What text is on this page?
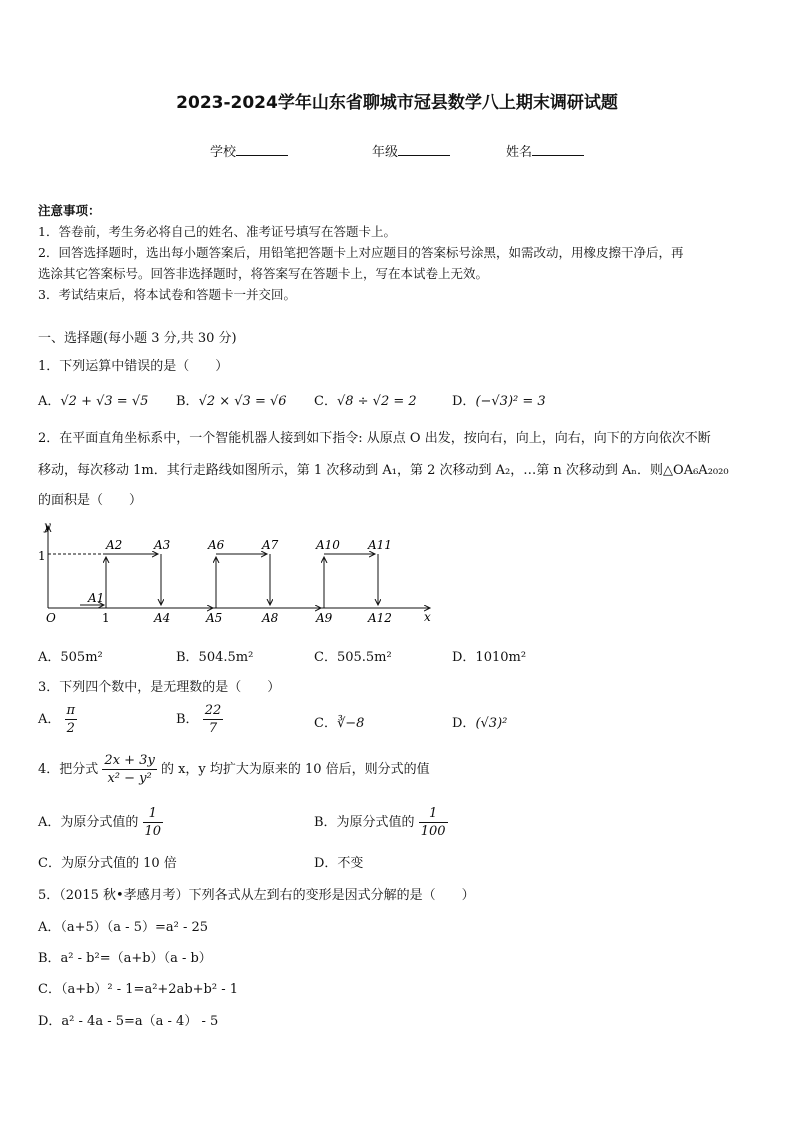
2023-2024学年山东省聊城市冠县数学八上期末调研试题
学校	年级	姓名
注意事项：
1．答卷前，考生务必将自己的姓名、准考证号填写在答题卡上。
2．回答选择题时，选出每小题答案后，用铅笔把答题卡上对应题目的答案标号涂黑，如需改动，用橡皮擦干净后，再
选涂其它答案标号。回答非选择题时，将答案写在答题卡上，写在本试卷上无效。
3．考试结束后，将本试卷和答题卡一并交回。
一、选择题(每小题 3 分,共 30 分)
1．下列运算中错误的是（　　）
A．√2 + √3 = √5 B．√2 × √3 = √6 C．√8 ÷ √2 = 2	D．(−√3)² = 3
2．在平面直角坐标系中，一个智能机器人接到如下指令: 从原点 O 出发，按向右，向上，向右，向下的方向依次不断
移动，每次移动 1m．其行走路线如图所示，第 1 次移动到 A₁，第 2 次移动到 A₂，…第 n 次移动到 Aₙ．则△OA₆A₂₀₂₀
的面积是（　　）
y
x
O
1
1
A1
A2	A3
A4	A5
A6	A7
A8	A9
A10 A11
A12
A．505m²	B．504.5m²	C．505.5m²	D．1010m²
3．下列四个数中，是无理数的是（　　）
A． $\frac{\pi}{2}$	B． $\frac{22}{7}$	C．∛−8	D．(√3)²
4．把分式 $\frac{2x + 3y}{\text{x² − y²}}$ 的 x，y 均扩大为原来的 10 倍后，则分式的值
A．为原分式值的 $\frac{1}{10}$	B．为原分式值的 $\frac{1}{100}$
C．为原分式值的 10 倍	D．不变
5．（2015 秋•孝感月考）下列各式从左到右的变形是因式分解的是（　　）
A．（a+5）（a - 5）=a² - 25
B．a² - b²=（a+b）（a - b）
C．（a+b）² - 1=a²+2ab+b² - 1
D．a² - 4a - 5=a（a - 4） - 5
